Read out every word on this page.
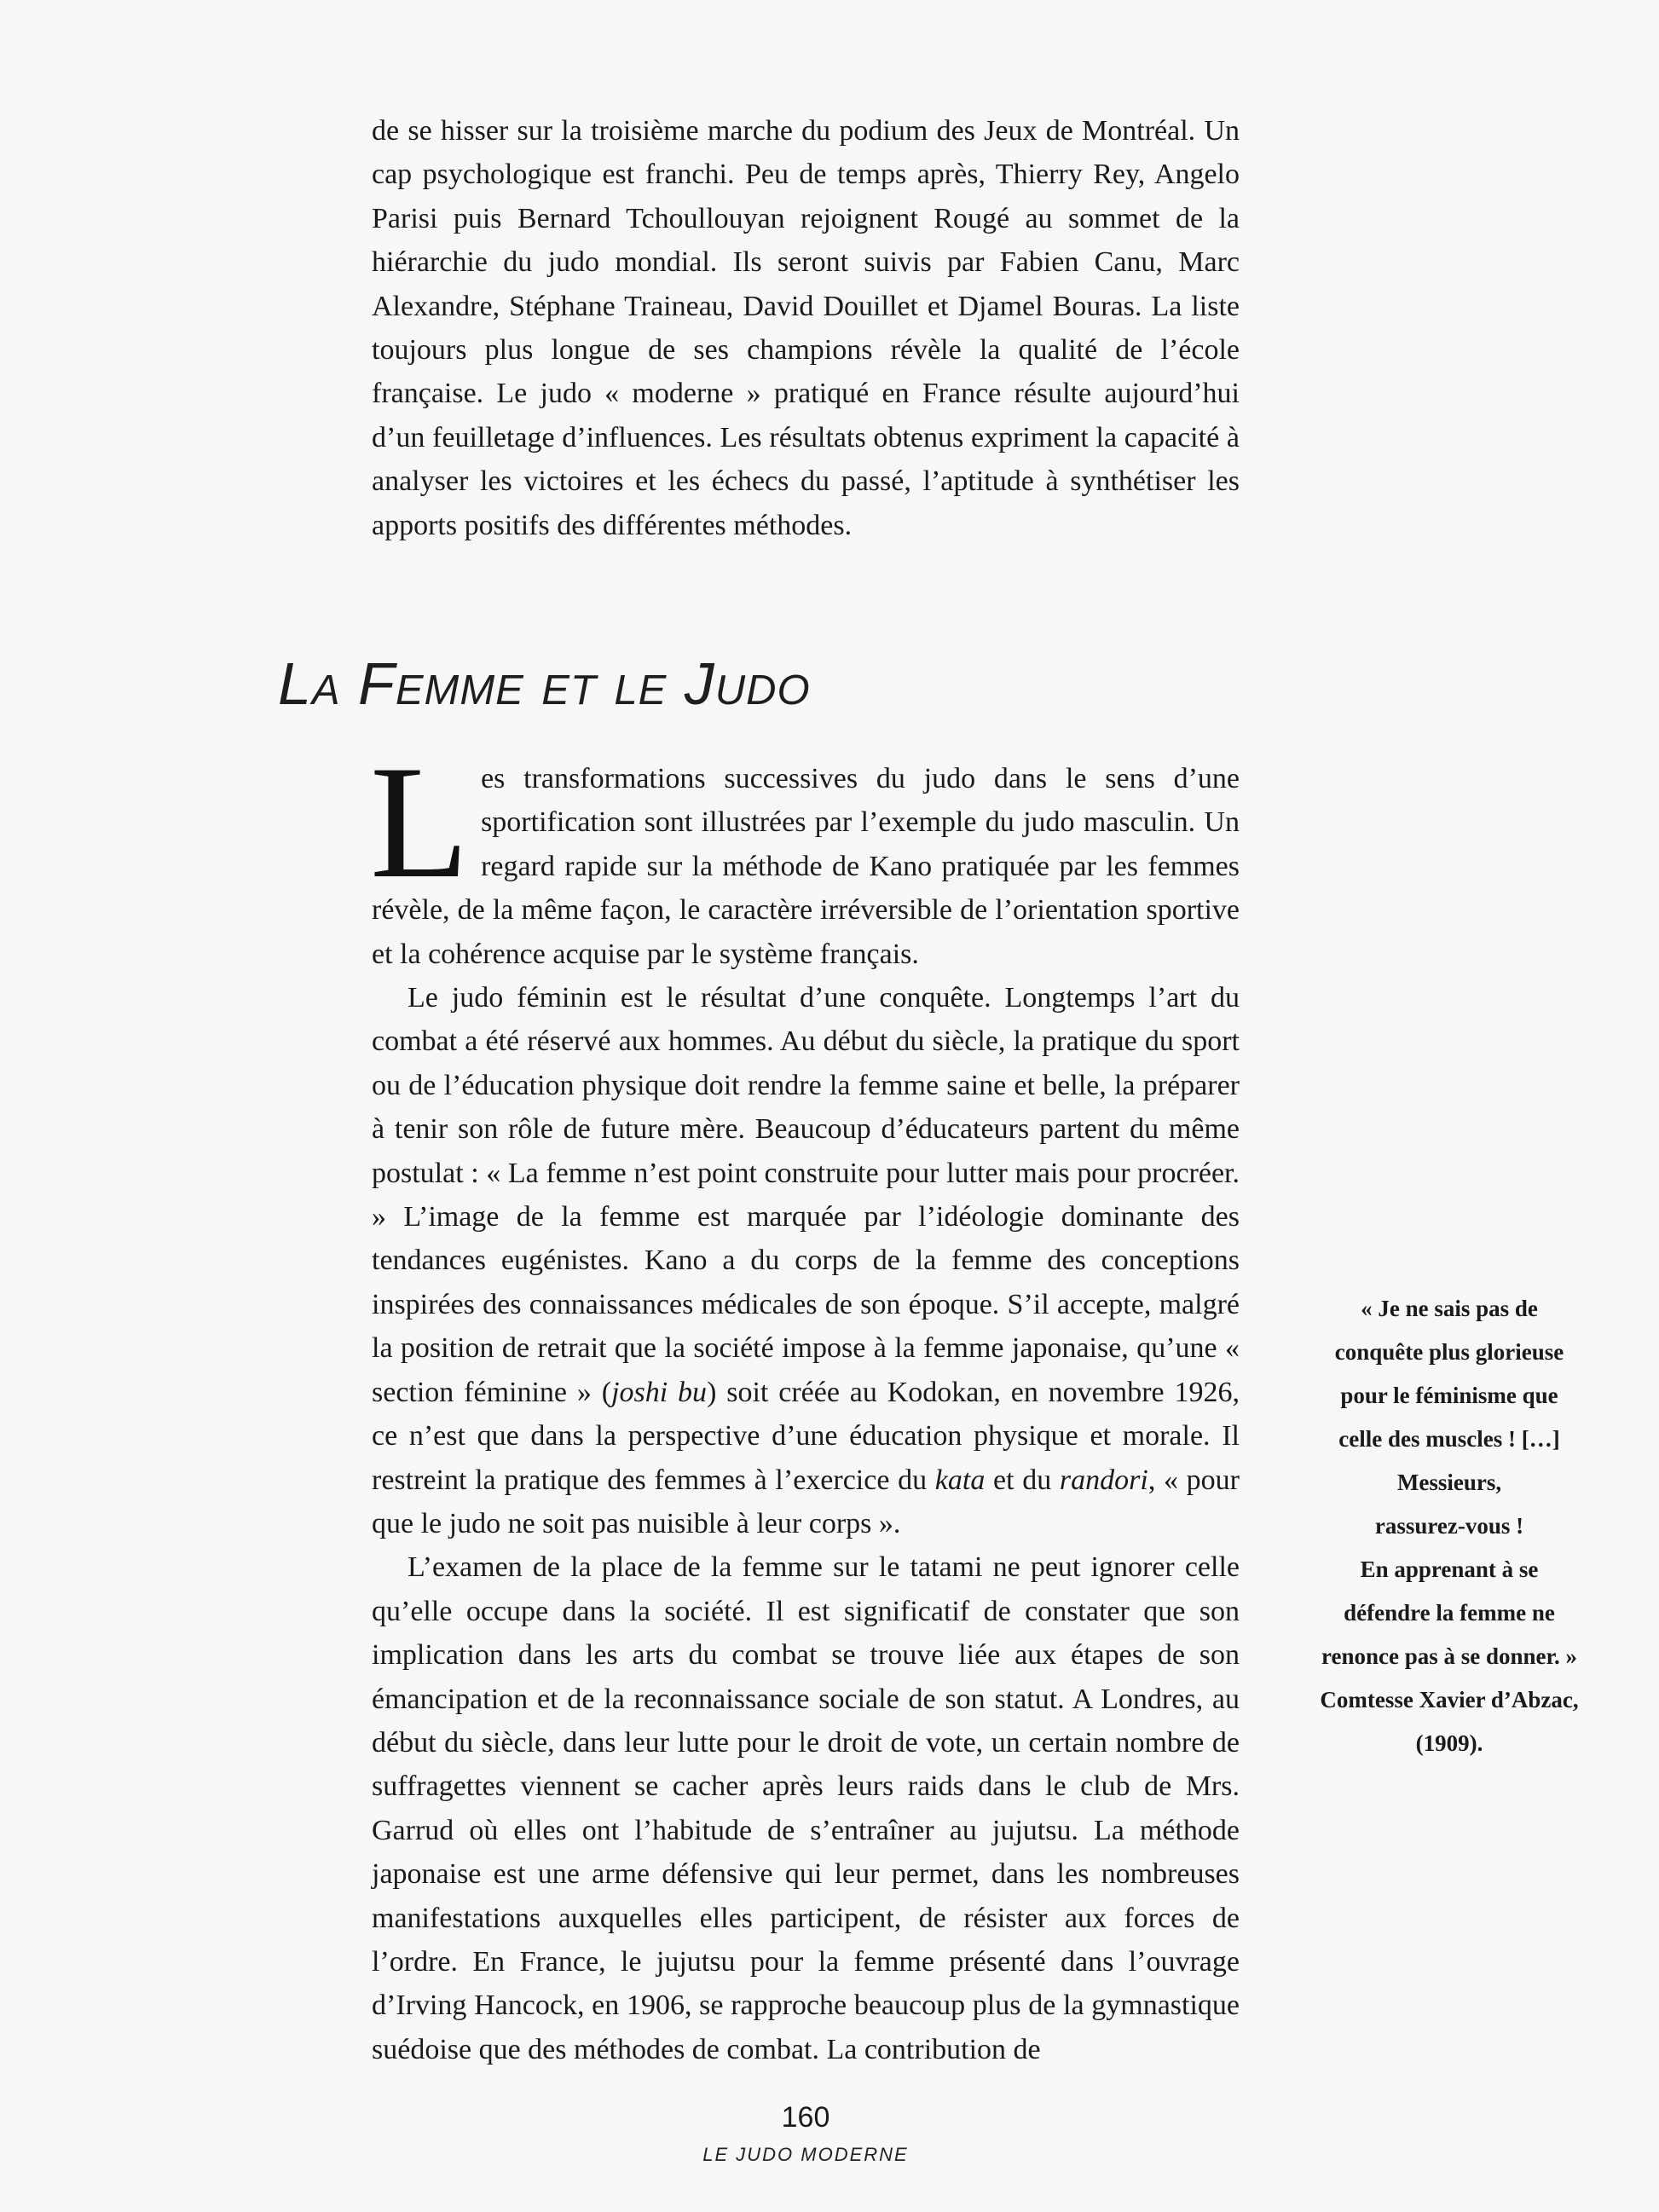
de se hisser sur la troisième marche du podium des Jeux de Montréal. Un cap psychologique est franchi. Peu de temps après, Thierry Rey, Angelo Parisi puis Bernard Tchoullouyan rejoignent Rougé au sommet de la hiérarchie du judo mondial. Ils seront suivis par Fabien Canu, Marc Alexandre, Stéphane Traineau, David Douillet et Djamel Bouras. La liste toujours plus longue de ses champions révèle la qualité de l’école française. Le judo « moderne » pratiqué en France résulte aujourd’hui d’un feuilletage d’influences. Les résultats obtenus expriment la capacité à analyser les victoires et les échecs du passé, l’aptitude à synthétiser les apports positifs des différentes méthodes.

La Femme et le Judo

Les transformations successives du judo dans le sens d’une sportification sont illustrées par l’exemple du judo masculin. Un regard rapide sur la méthode de Kano pratiquée par les femmes révèle, de la même façon, le caractère irréversible de l’orientation sportive et la cohérence acquise par le système français.

Le judo féminin est le résultat d’une conquête. Longtemps l’art du combat a été réservé aux hommes. Au début du siècle, la pratique du sport ou de l’éducation physique doit rendre la femme saine et belle, la préparer à tenir son rôle de future mère. Beaucoup d’éducateurs partent du même postulat : « La femme n’est point construite pour lutter mais pour procréer. » L’image de la femme est marquée par l’idéologie dominante des tendances eugénistes. Kano a du corps de la femme des conceptions inspirées des connaissances médicales de son époque. S’il accepte, malgré la position de retrait que la société impose à la femme japonaise, qu’une « section féminine » (joshi bu) soit créée au Kodokan, en novembre 1926, ce n’est que dans la perspective d’une éducation physique et morale. Il restreint la pratique des femmes à l’exercice du kata et du randori, « pour que le judo ne soit pas nuisible à leur corps ».

L’examen de la place de la femme sur le tatami ne peut ignorer celle qu’elle occupe dans la société. Il est significatif de constater que son implication dans les arts du combat se trouve liée aux étapes de son émancipation et de la reconnaissance sociale de son statut. A Londres, au début du siècle, dans leur lutte pour le droit de vote, un certain nombre de suffragettes viennent se cacher après leurs raids dans le club de Mrs. Garrud où elles ont l’habitude de s’entraîner au jujutsu. La méthode japonaise est une arme défensive qui leur permet, dans les nombreuses manifestations auxquelles elles participent, de résister aux forces de l’ordre. En France, le jujutsu pour la femme présenté dans l’ouvrage d’Irving Hancock, en 1906, se rapproche beaucoup plus de la gymnastique suédoise que des méthodes de combat. La contribution de

« Je ne sais pas de
conquête plus glorieuse
pour le féminisme que
celle des muscles ! […]
Messieurs,
rassurez-vous !
En apprenant à se
défendre la femme ne
renonce pas à se donner. »
Comtesse Xavier d’Abzac,
(1909).
160
LE JUDO MODERNE
